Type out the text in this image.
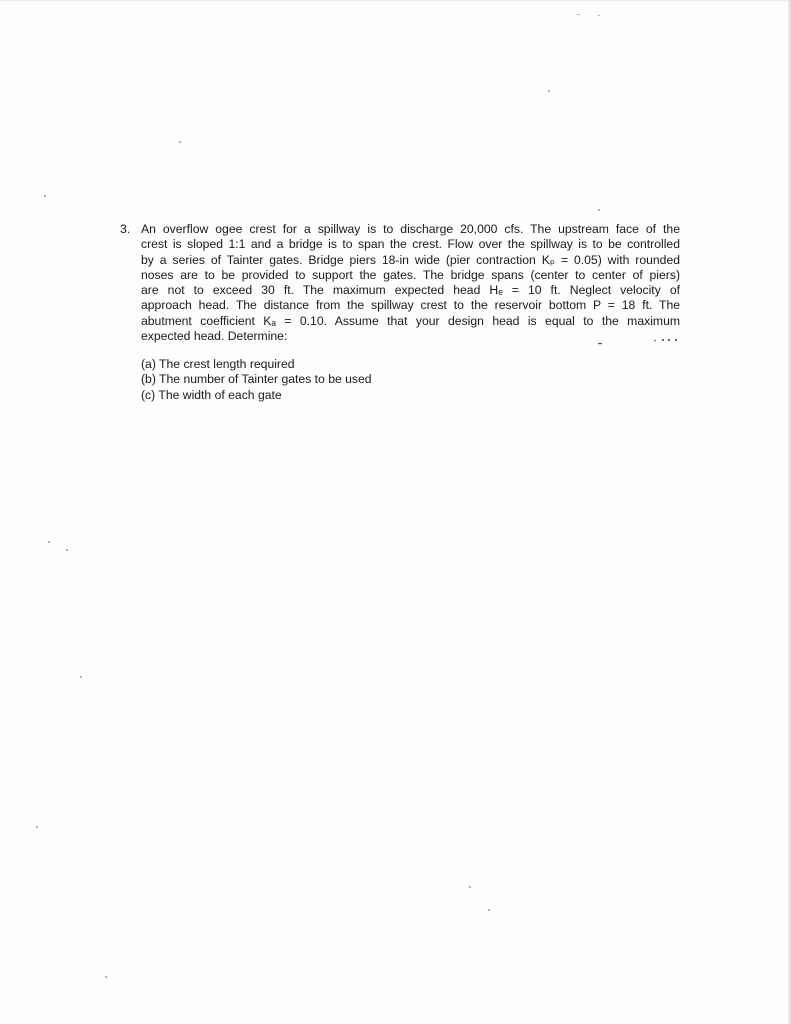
3. An overflow ogee crest for a spillway is to discharge 20,000 cfs. The upstream face of the
crest is sloped 1:1 and a bridge is to span the crest. Flow over the spillway is to be controlled
by a series of Tainter gates. Bridge piers 18-in wide (pier contraction Kₚ = 0.05) with rounded
noses are to be provided to support the gates. The bridge spans (center to center of piers)
are not to exceed 30 ft. The maximum expected head Hₑ = 10 ft. Neglect velocity of
approach head. The distance from the spillway crest to the reservoir bottom P = 18 ft. The
abutment coefficient Kₐ = 0.10. Assume that your design head is equal to the maximum
expected head. Determine:
(a) The crest length required
(b) The number of Tainter gates to be used
(c) The width of each gate
